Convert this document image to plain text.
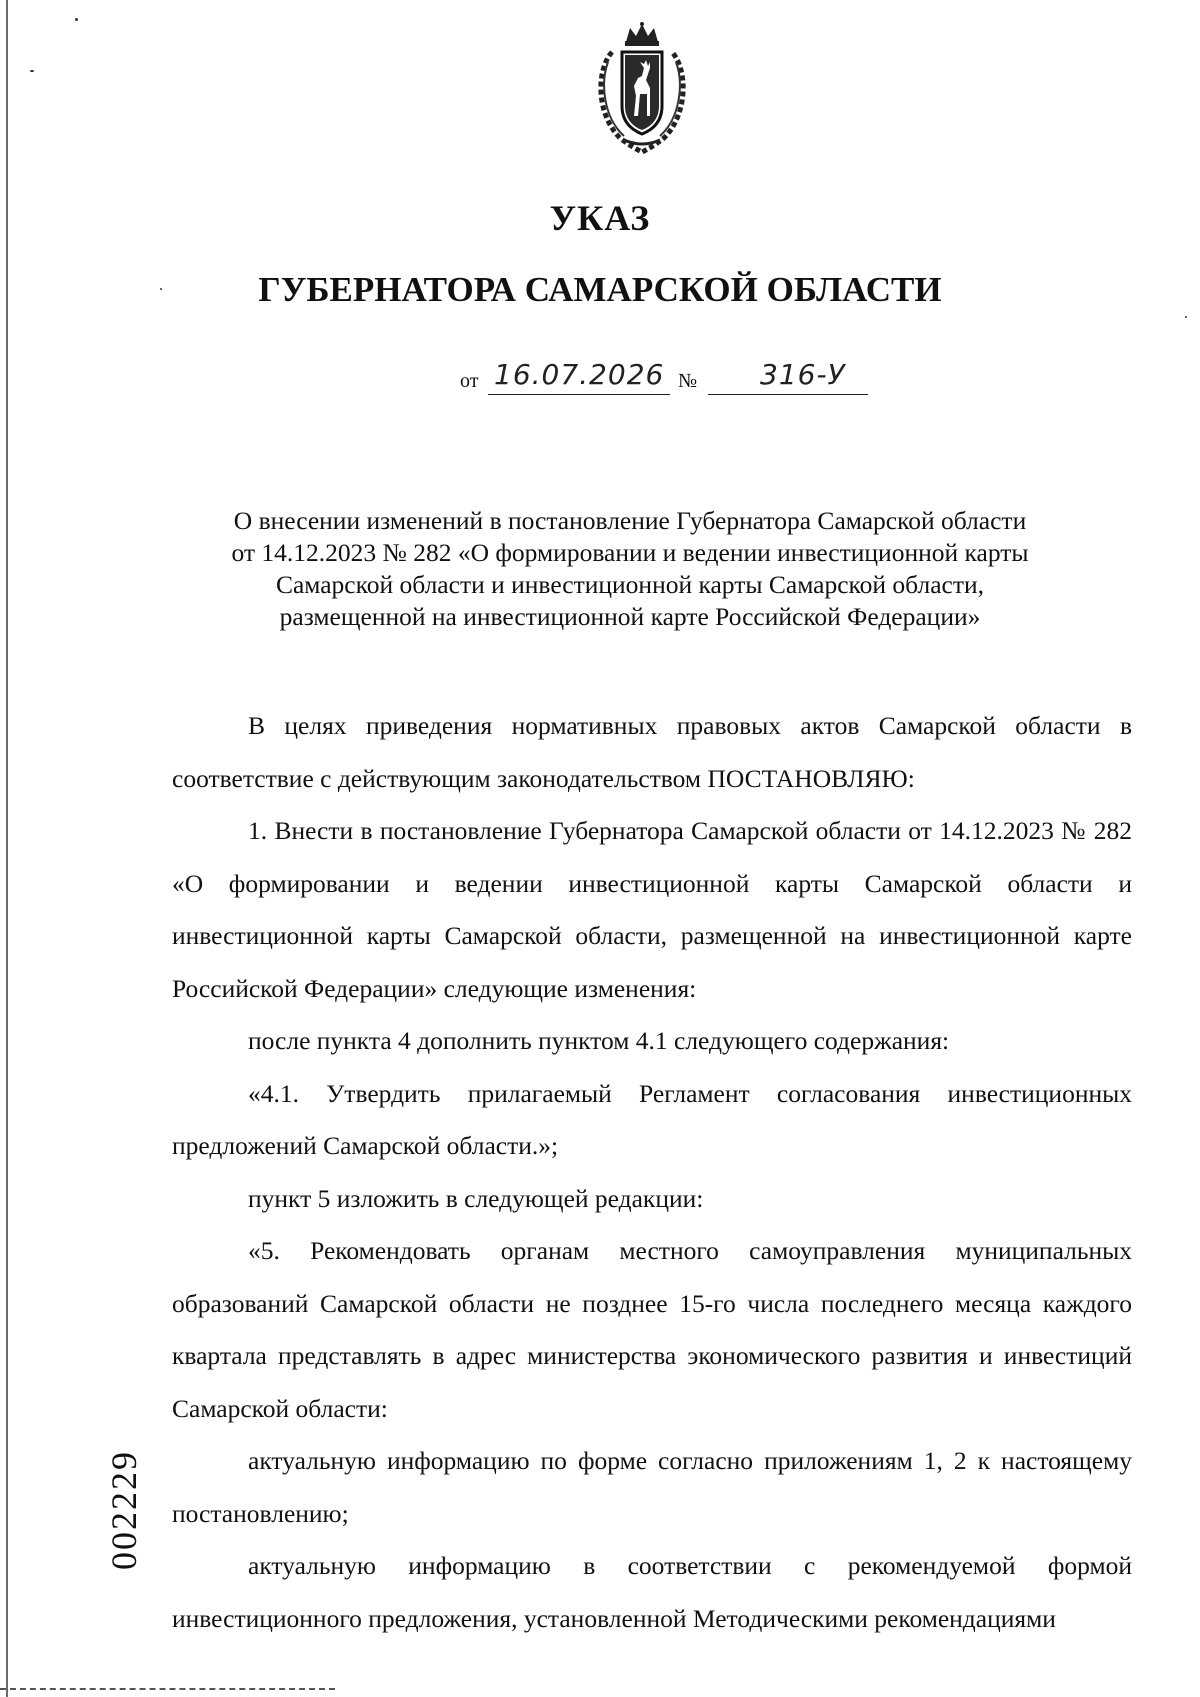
УКАЗ
ГУБЕРНАТОРА САМАРСКОЙ ОБЛАСТИ
от 16.07.2026 № 316-У
О внесении изменений в постановление Губернатора Самарской области
от 14.12.2023 № 282 «О формировании и ведении инвестиционной карты
Самарской области и инвестиционной карты Самарской области,
размещенной на инвестиционной карте Российской Федерации»

В целях приведения нормативных правовых актов Самарской области в соответствие с действующим законодательством ПОСТАНОВЛЯЮ:

1. Внести в постановление Губернатора Самарской области от 14.12.2023 № 282 «О формировании и ведении инвестиционной карты Самарской области и инвестиционной карты Самарской области, размещенной на инвестиционной карте Российской Федерации» следующие изменения:

после пункта 4 дополнить пунктом 4.1 следующего содержания:

«4.1. Утвердить прилагаемый Регламент согласования инвестиционных предложений Самарской области.»;

пункт 5 изложить в следующей редакции:

«5. Рекомендовать органам местного самоуправления муниципальных образований Самарской области не позднее 15-го числа последнего месяца каждого квартала представлять в адрес министерства экономического развития и инвестиций Самарской области:

актуальную информацию по форме согласно приложениям 1, 2 к настоящему постановлению;

актуальную информацию в соответствии с рекомендуемой формой инвестиционного предложения, установленной Методическими рекомендациями

002229
